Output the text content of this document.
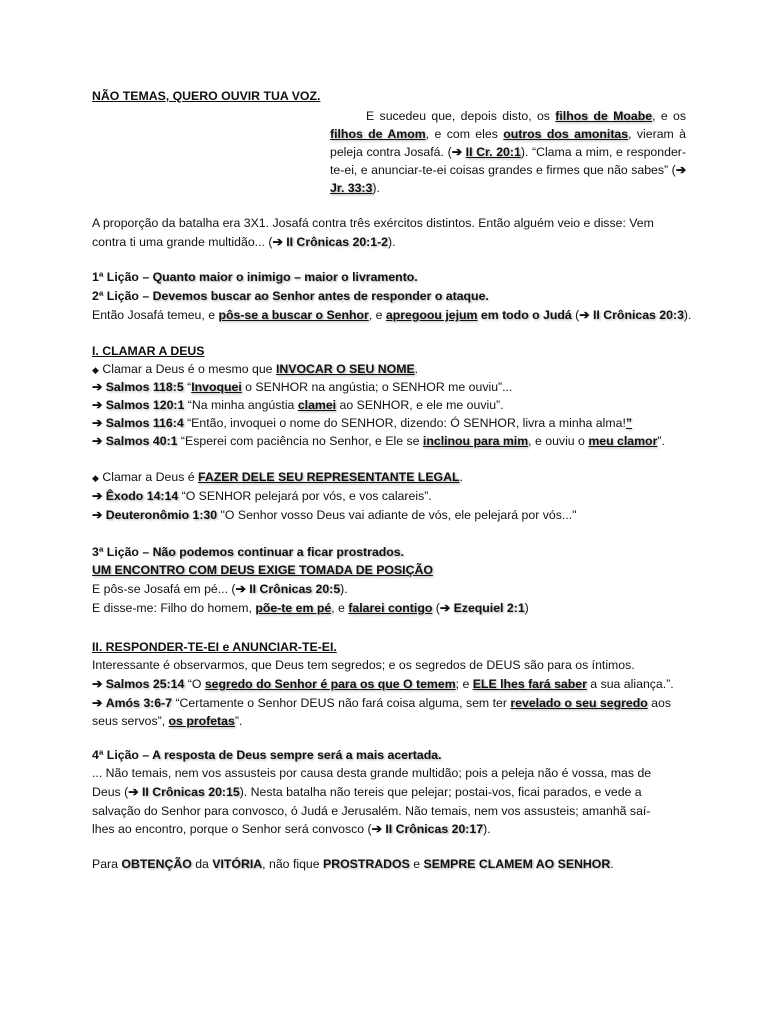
NÃO TEMAS, QUERO OUVIR TUA VOZ.
E sucedeu que, depois disto, os filhos de Moabe, e os filhos de Amom, e com eles outros dos amonitas, vieram à peleja contra Josafá. (➔ II Cr. 20:1). “Clama a mim, e responder-te-ei, e anunciar-te-ei coisas grandes e firmes que não sabes” (➔ Jr. 33:3).
A proporção da batalha era 3X1. Josafá contra três exércitos distintos. Então alguém veio e disse: Vem
contra ti uma grande multidão... (➔ II Crônicas 20:1-2).
1ª Lição – Quanto maior o inimigo – maior o livramento.
2ª Lição – Devemos buscar ao Senhor antes de responder o ataque.
Então Josafá temeu, e pôs-se a buscar o Senhor, e apregoou jejum em todo o Judá (➔ II Crônicas 20:3).
I. CLAMAR A DEUS
◆ Clamar a Deus é o mesmo que INVOCAR O SEU NOME.
➔ Salmos 118:5 “Invoquei o SENHOR na angústia; o SENHOR me ouviu”...
➔ Salmos 120:1 “Na minha angústia clamei ao SENHOR, e ele me ouviu”.
➔ Salmos 116:4 “Então, invoquei o nome do SENHOR, dizendo: Ó SENHOR, livra a minha alma!”
➔ Salmos 40:1 “Esperei com paciência no Senhor, e Ele se inclinou para mim, e ouviu o meu clamor”.
◆ Clamar a Deus é FAZER DELE SEU REPRESENTANTE LEGAL.
➔ Êxodo 14:14 “O SENHOR pelejará por vós, e vos calareis”.
➔ Deuteronômio 1:30 "O Senhor vosso Deus vai adiante de vós, ele pelejará por vós..."
3ª Lição – Não podemos continuar a ficar prostrados.
UM ENCONTRO COM DEUS EXIGE TOMADA DE POSIÇÃO
E pôs-se Josafá em pé... (➔ II Crônicas 20:5).
E disse-me: Filho do homem, põe-te em pé, e falarei contigo (➔ Ezequiel 2:1)
II. RESPONDER-TE-EI e ANUNCIAR-TE-EI.
Interessante é observarmos, que Deus tem segredos; e os segredos de DEUS são para os íntimos.
➔ Salmos 25:14 “O segredo do Senhor é para os que O temem; e ELE lhes fará saber a sua aliança.”.
➔ Amós 3:6-7 “Certamente o Senhor DEUS não fará coisa alguma, sem ter revelado o seu segredo aos
seus servos”, os profetas”.
4ª Lição – A resposta de Deus sempre será a mais acertada.
... Não temais, nem vos assusteis por causa desta grande multidão; pois a peleja não é vossa, mas de
Deus (➔ II Crônicas 20:15). Nesta batalha não tereis que pelejar; postai-vos, ficai parados, e vede a
salvação do Senhor para convosco, ó Judá e Jerusalém. Não temais, nem vos assusteis; amanhã saí-
lhes ao encontro, porque o Senhor será convosco (➔ II Crônicas 20:17).
Para OBTENÇÃO da VITÓRIA, não fique PROSTRADOS e SEMPRE CLAMEM AO SENHOR.
